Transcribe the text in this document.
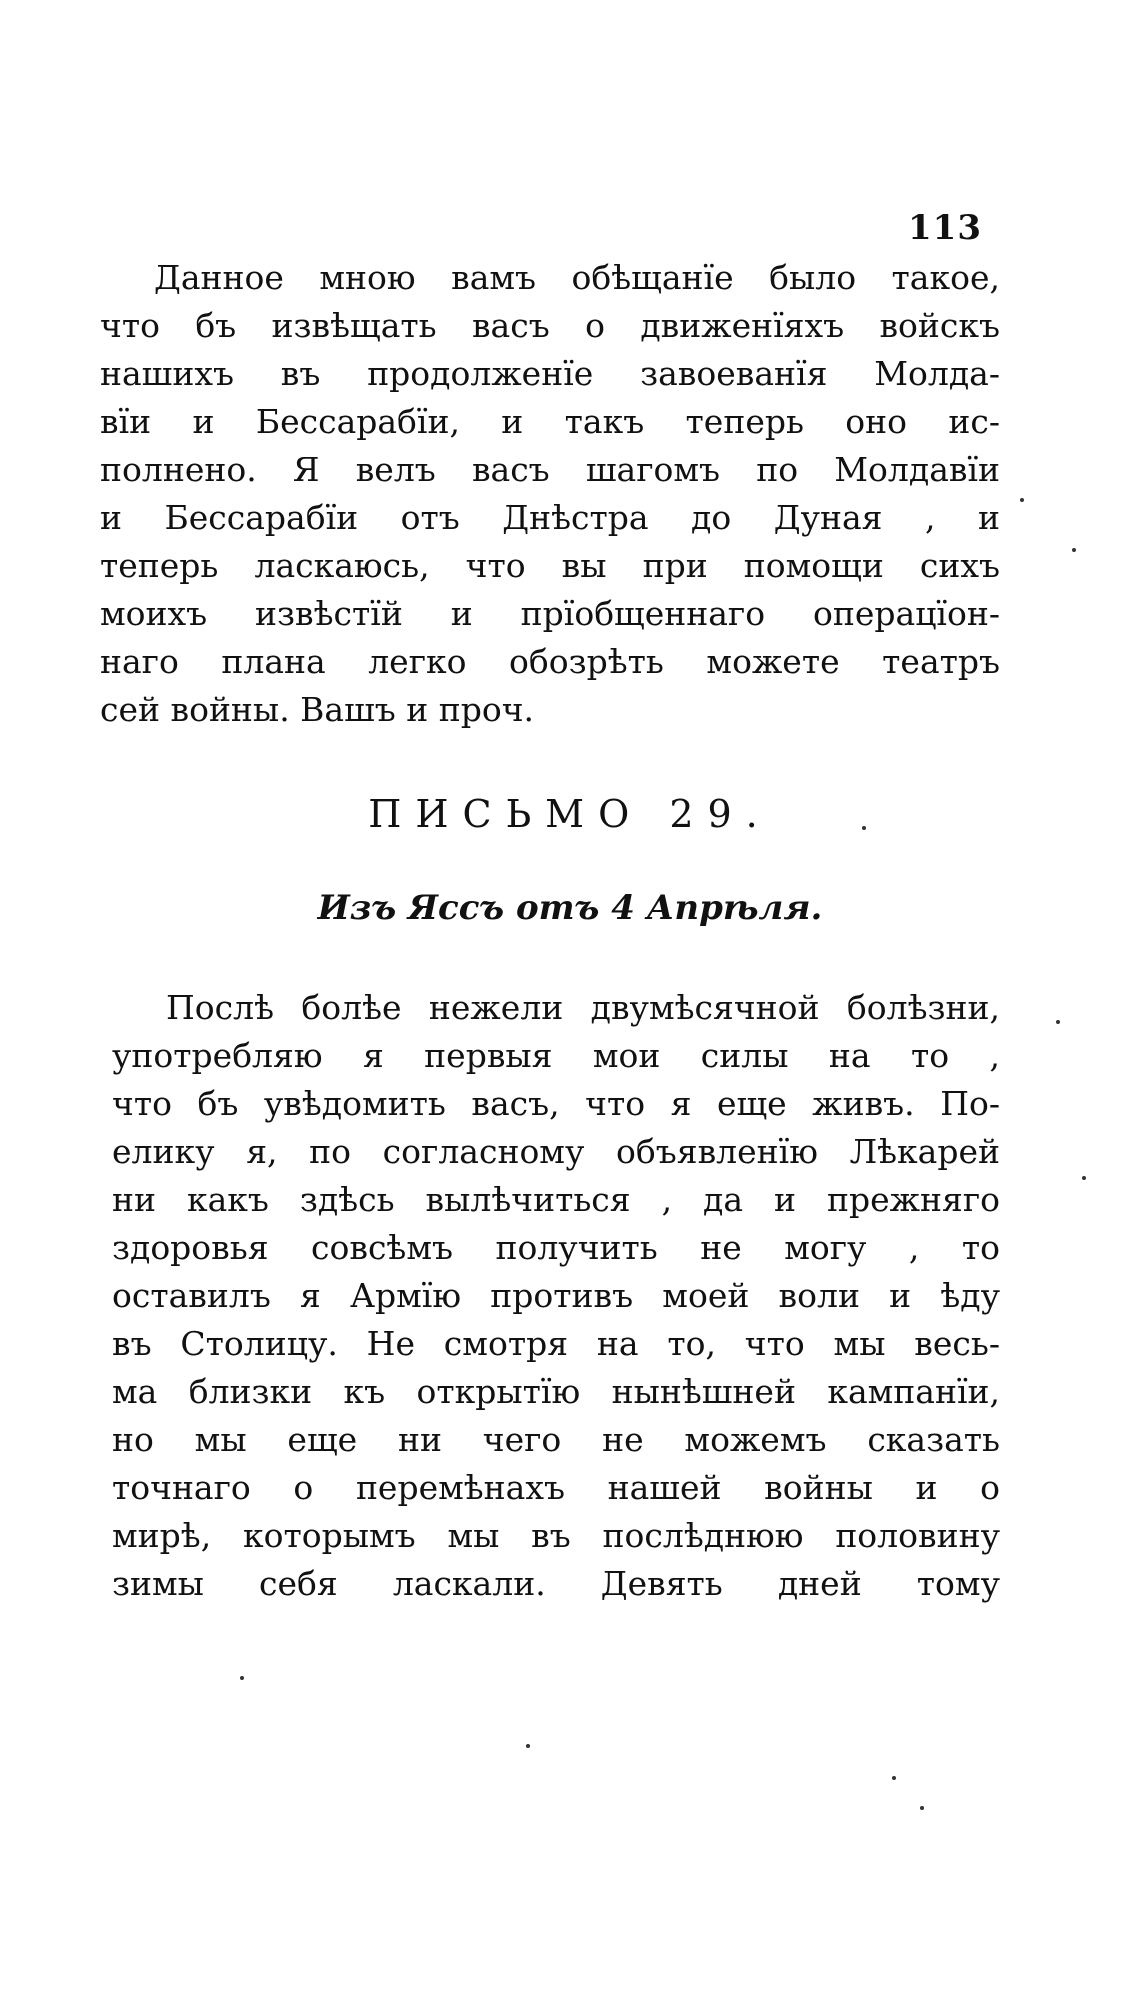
113
Данное мною вамъ обѣщанїе было такое,
что бъ извѣщать васъ о движенїяхъ войскъ
нашихъ въ продолженїе завоеванїя Молда-
вїи и Бессарабїи, и такъ теперь оно ис-
полнено. Я велъ васъ шагомъ по Молдавїи
и Бессарабїи отъ Днѣстра до Дуная , и
теперь ласкаюсь, что вы при помощи сихъ
моихъ извѣстїй и прїобщеннаго операцїон-
наго плана легко обозрѣть можете театръ
сей войны. Вашъ и проч.
ПИСЬМО 29.
Изъ Яссъ отъ 4 Апрѣля.
Послѣ болѣе нежели двумѣсячной болѣзни,
употребляю я первыя мои силы на то ,
что бъ увѣдомить васъ, что я еще живъ. По-
елику я, по согласному объявленїю Лѣкарей
ни какъ здѣсь вылѣчиться , да и прежняго
здоровья совсѣмъ получить не могу , то
оставилъ я Армїю противъ моей воли и ѣду
въ Столицу. Не смотря на то, что мы весь-
ма близки къ открытїю нынѣшней кампанїи,
но мы еще ни чего не можемъ сказать
точнаго о перемѣнахъ нашей войны и о
мирѣ, которымъ мы въ послѣднюю половину
зимы себя ласкали. Девять дней тому
